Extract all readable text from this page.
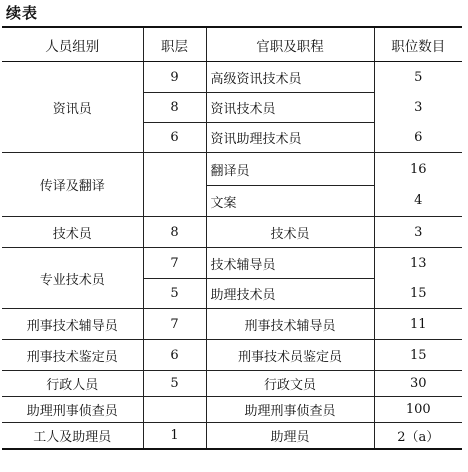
续表
人员组别	职层	官职及职程	职位数目
资讯员	9	高级资讯技术员	5
	8	资讯技术员	3
	6	资讯助理技术员	6
传译及翻译		翻译员	16
		文案	4
技术员	8	技术员	3
专业技术员	7	技术辅导员	13
	5	助理技术员	15
刑事技术辅导员	7	刑事技术辅导员	11
刑事技术鉴定员	6	刑事技术员鉴定员	15
行政人员	5	行政文员	30
助理刑事侦查员		助理刑事侦查员	100
工人及助理员	1	助理员	2（a）
